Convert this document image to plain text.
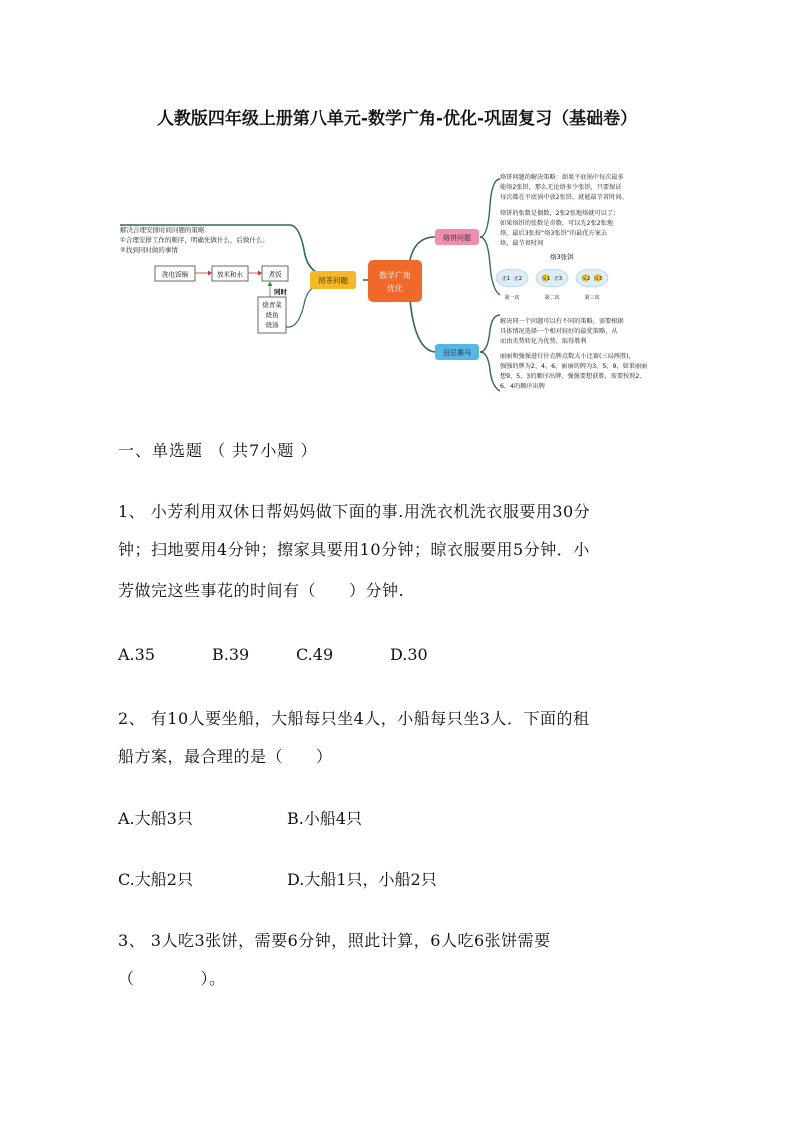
人教版四年级上册第八单元-数学广角-优化-巩固复习（基础卷）
数学广角
优化
沏茶问题
解决合理安排时间问题的策略：
①合理安排工作的顺序，明确先做什么，后做什么；
②找到同时做的事情
洗电饭锅	放米和水	煮饭
同时
烧青菜
烧鱼
烧汤
烙饼问题
烙饼问题的解决策略：如果平底锅中每次最多
能烙2张饼，那么无论烙多少张饼，只要保证
每次都在平底锅中放2张饼，就能最节省时间。
烙饼的张数是偶数，2张2张地烙就可以了；
如果烙饼的张数是奇数，可以先2张2张地
烙，最后3张按“烙3张饼”的最优方案去
烙，最节省时间
烙3张饼
正1 正2
第一次
反1 正3
第二次
反2 反3
第三次
田忌赛马
解决同一个问题可以有不同的策略，需要根据
具体情况选择一个相对较好的最优策略，从
而由劣势转化为优势，取得胜利
丽丽和强强进行扑克牌点数大小比赛(三局两胜)，
强强的牌为2、4、6，丽丽的牌为3、5、9，如果丽丽
想9、5、3的顺序出牌，强强要想获胜，需要按照2、
6、4的顺序出牌
一、单选题 （ 共7小题 ）
1、 小芳利用双休日帮妈妈做下面的事.用洗衣机洗衣服要用30分
钟；扫地要用4分钟；擦家具要用10分钟；晾衣服要用5分钟．小
芳做完这些事花的时间有（　　）分钟.
A.35	B.39	C.49	D.30
2、 有10人要坐船，大船每只坐4人，小船每只坐3人．下面的租
船方案，最合理的是（　　）
A.大船3只	B.小船4只
C.大船2只	D.大船1只，小船2只
3、 3人吃3张饼，需要6分钟，照此计算，6人吃6张饼需要
（　　　　）。
